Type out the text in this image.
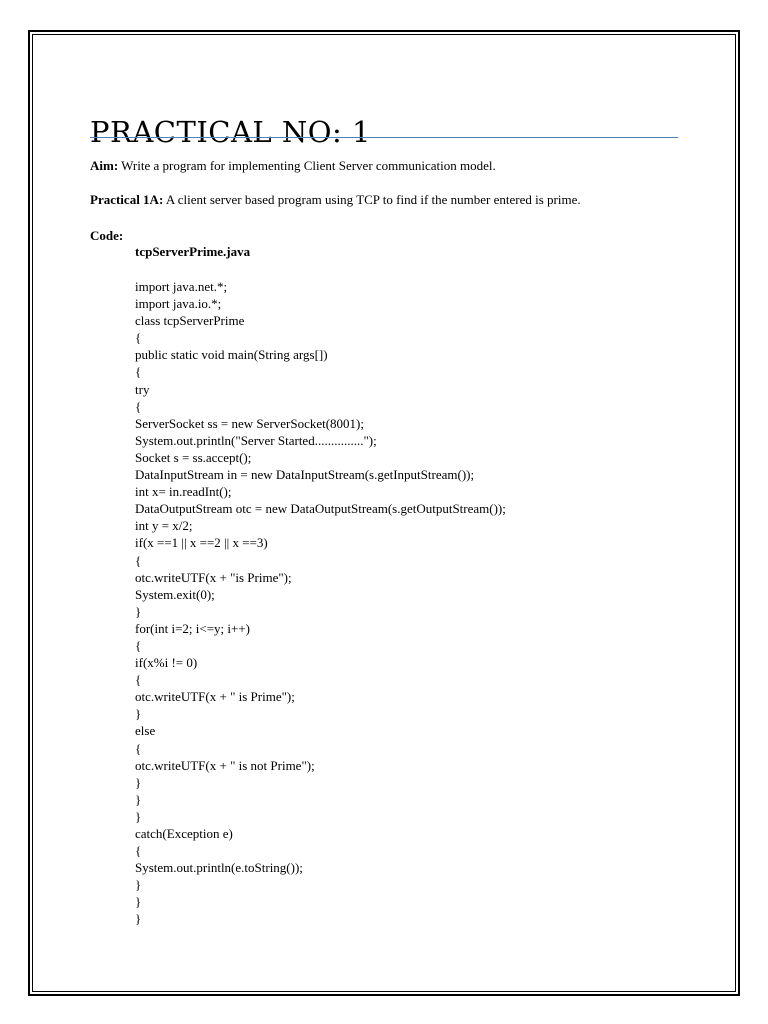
PRACTICAL NO: 1
Aim: Write a program for implementing Client Server communication model.
Practical 1A: A client server based program using TCP to find if the number entered is prime.
Code:
tcpServerPrime.java
import java.net.*;
import java.io.*;
class tcpServerPrime
{
public static void main(String args[])
{
try
{
ServerSocket ss = new ServerSocket(8001);
System.out.println("Server Started...............");
Socket s = ss.accept();
DataInputStream in = new DataInputStream(s.getInputStream());
int x= in.readInt();
DataOutputStream otc = new DataOutputStream(s.getOutputStream());
int y = x/2;
if(x ==1 || x ==2 || x ==3)
{
otc.writeUTF(x + "is Prime");
System.exit(0);
}
for(int i=2; i<=y; i++)
{
if(x%i != 0)
{
otc.writeUTF(x + " is Prime");
}
else
{
otc.writeUTF(x + " is not Prime");
}
}
}
catch(Exception e)
{
System.out.println(e.toString());
}
}
}
